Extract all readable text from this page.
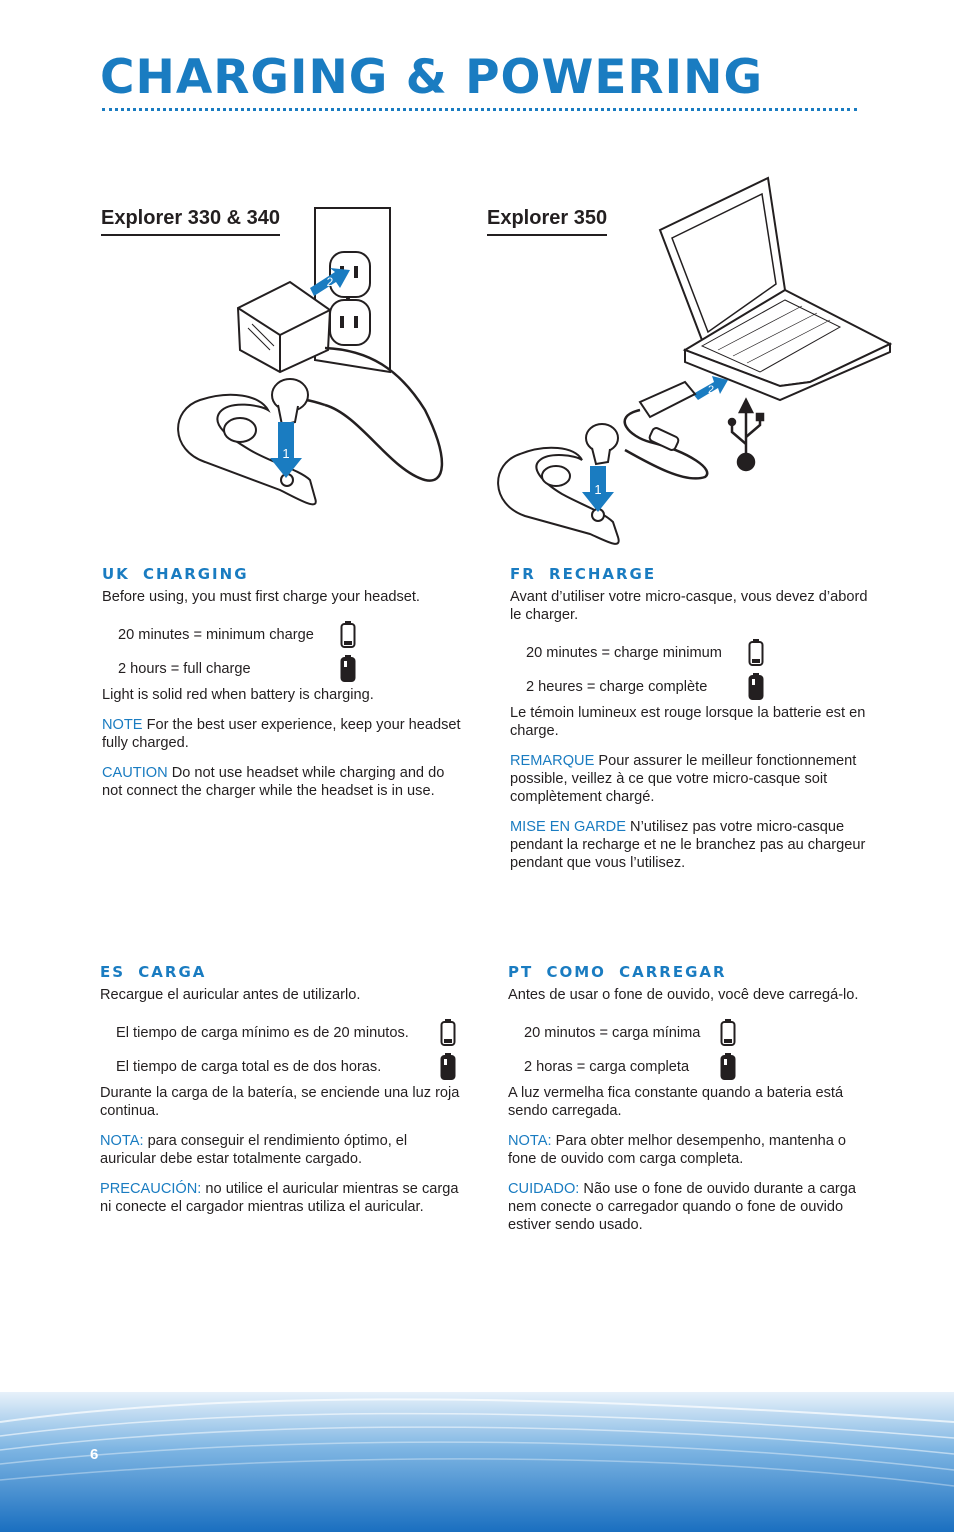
CHARGING & POWERING
Explorer 330 & 340	Explorer 350
1
2
2
1
UK CHARGING

Before using, you must first charge your headset.

20 minutes = minimum charge
2 hours = full charge

Light is solid red when battery is charging.

NOTE For the best user experience, keep your headset fully charged.

CAUTION Do not use headset while charging and do not connect the charger while the headset is in use.

FR RECHARGE

Avant d’utiliser votre micro-casque, vous devez d’abord le charger.

20 minutes = charge minimum
2 heures = charge complète

Le témoin lumineux est rouge lorsque la batterie est en charge.

REMARQUE Pour assurer le meilleur fonctionnement possible, veillez à ce que votre micro-casque soit complètement chargé.

MISE EN GARDE N’utilisez pas votre micro-casque pendant la recharge et ne le branchez pas au chargeur pendant que vous l’utilisez.

ES CARGA

Recargue el auricular antes de utilizarlo.

El tiempo de carga mínimo es de 20 minutos.
El tiempo de carga total es de dos horas.

Durante la carga de la batería, se enciende una luz roja continua.

NOTA: para conseguir el rendimiento óptimo, el auricular debe estar totalmente cargado.

PRECAUCIÓN: no utilice el auricular mientras se carga ni conecte el cargador mientras utiliza el auricular.

PT COMO CARREGAR

Antes de usar o fone de ouvido, você deve carregá-lo.

20 minutos = carga mínima
2 horas = carga completa

A luz vermelha fica constante quando a bateria está sendo carregada.

NOTA: Para obter melhor desempenho, mantenha o fone de ouvido com carga completa.

CUIDADO: Não use o fone de ouvido durante a carga nem conecte o carregador quando o fone de ouvido estiver sendo usado.

6
